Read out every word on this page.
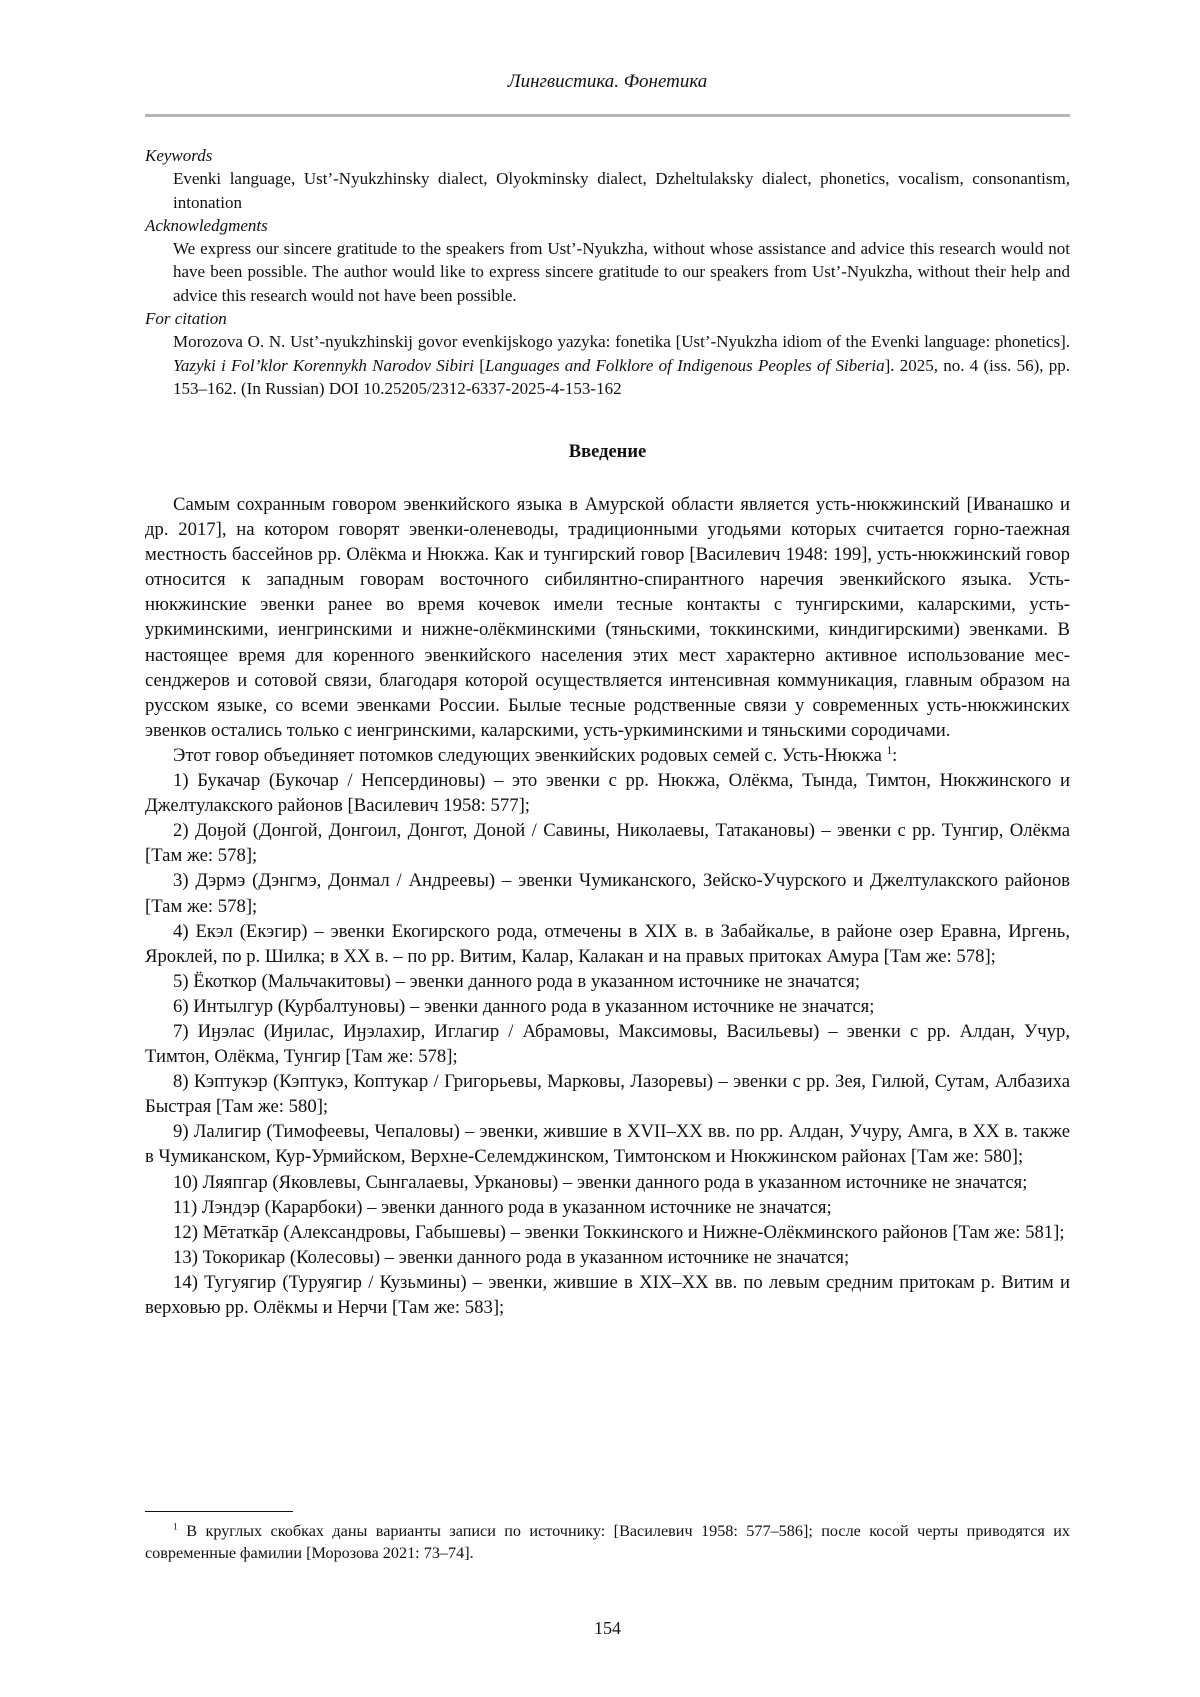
Лингвистика. Фонетика

Keywords

Evenki language, Ust’-Nyukzhinsky dialect, Olyokminsky dialect, Dzheltulaksky dialect, phonetics, vocalism, consonantism, intonation

Acknowledgments

We express our sincere gratitude to the speakers from Ust’-Nyukzha, without whose assistance and advice this research would not have been possible. The author would like to express sincere gratitude to our speakers from Ust’-Nyukzha, without their help and advice this research would not have been possible.

For citation

Morozova O. N. Ust’-nyukzhinskij govor evenkijskogo yazyka: fonetika [Ust’-Nyukzha idiom of the Evenki language: phonetics]. Yazyki i Fol’klor Korennykh Narodov Sibiri [Languages and Folklore of Indigenous Peoples of Siberia]. 2025, no. 4 (iss. 56), pp. 153–162. (In Russian) DOI 10.25205/2312-6337-2025-4-153-162

Введение

Самым сохранным говором эвенкийского языка в Амурской области является усть-нюкжинский [Иванашко и др. 2017], на котором говорят эвенки-оленеводы, традиционными угодьями которых считается горно-таежная местность бассейнов рр. Олёкма и Нюкжа. Как и тунгирский говор [Василевич 1948: 199], усть-нюкжинский говор относится к западным говорам восточного сибилянтно-спирантного наречия эвенкийского языка. Усть-нюкжинские эвенки ранее во время кочевок имели тесные контакты с тунгирскими, каларскими, усть-уркиминскими, иенгринскими и нижне-олёкминскими (тяньскими, токкинскими, киндигирскими) эвенками. В настоящее время для коренного эвенкийского населения этих мест характерно активное использование мессенджеров и сотовой связи, благодаря которой осуществляется интенсивная коммуникация, главным образом на русском языке, со всеми эвенками России. Былые тесные родственные связи у современных усть-нюкжинских эвенков остались только с иенгринскими, каларскими, усть-уркиминскими и тяньскими сородичами.

Этот говор объединяет потомков следующих эвенкийских родовых семей с. Усть-Нюкжа $^1$:

1) Букачар (Букочар / Непсердиновы) – это эвенки с рр. Нюкжа, Олёкма, Тында, Тимтон, Нюкжинского и Джелтулакского районов [Василевич 1958: 577];

2) Доӈой (Донгой, Донгоил, Донгот, Доной / Савины, Николаевы, Татакановы) – эвенки с рр. Тунгир, Олёкма [Там же: 578];

3) Дэрмэ (Дэнгмэ, Донмал / Андреевы) – эвенки Чумиканского, Зейско-Учурского и Джелтулакского районов [Там же: 578];

4) Екэл (Екэгир) – эвенки Екогирского рода, отмечены в XIX в. в Забайкалье, в районе озер Еравна, Иргень, Яроклей, по р. Шилка; в XX в. – по рр. Витим, Калар, Калакан и на правых притоках Амура [Там же: 578];

5) Ёкоткор (Мальчакитовы) – эвенки данного рода в указанном источнике не значатся;

6) Интылгур (Курбалтуновы) – эвенки данного рода в указанном источнике не значатся;

7) Иӈэлас (Иӈилас, Иӈэлахир, Иглагир / Абрамовы, Максимовы, Васильевы) – эвенки с рр. Алдан, Учур, Тимтон, Олёкма, Тунгир [Там же: 578];

8) Кэптукэр (Кэптукэ, Коптукар / Григорьевы, Марковы, Лазоревы) – эвенки с рр. Зея, Гилюй, Сутам, Албазиха Быстрая [Там же: 580];

9) Лалигир (Тимофеевы, Чепаловы) – эвенки, жившие в XVII–XX вв. по рр. Алдан, Учуру, Амга, в XX в. также в Чумиканском, Кур-Урмийском, Верхне-Селемджинском, Тимтонском и Нюкжинском районах [Там же: 580];

10) Ляяпгар (Яковлевы, Сынгалаевы, Уркановы) – эвенки данного рода в указанном источнике не значатся;

11) Лэндэр (Карарбоки) – эвенки данного рода в указанном источнике не значатся;

12) Мēтаткāр (Александровы, Габышевы) – эвенки Токкинского и Нижне-Олёкминского районов [Там же: 581];

13) Токорикар (Колесовы) – эвенки данного рода в указанном источнике не значатся;

14) Тугуягир (Туруягир / Кузьмины) – эвенки, жившие в XIX–XX вв. по левым средним притокам р. Витим и верховью рр. Олёкмы и Нерчи [Там же: 583];

$^1$ В круглых скобках даны варианты записи по источнику: [Василевич 1958: 577–586]; после косой черты приводятся их современные фамилии [Морозова 2021: 73–74].

154
